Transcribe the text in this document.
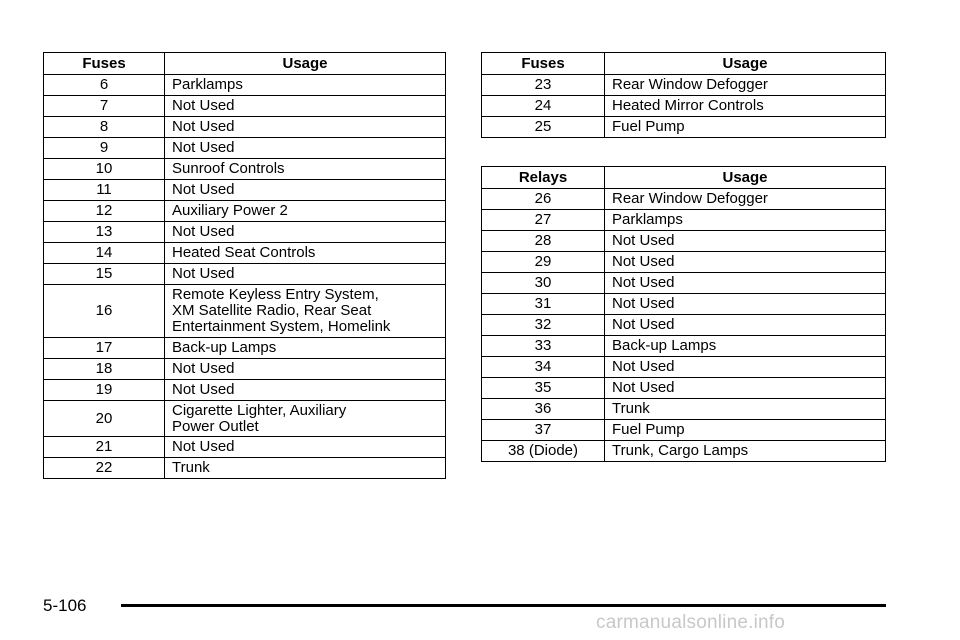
Fuses	Usage
6	Parklamps

7	Not Used

8	Not Used

9	Not Used

10	Sunroof Controls

11	Not Used

12	Auxiliary Power 2

13	Not Used

14	Heated Seat Controls

15	Not Used

16	Remote Keyless Entry System,
XM Satellite Radio, Rear Seat
Entertainment System, Homelink

17	Back-up Lamps

18	Not Used

19	Not Used

20	Cigarette Lighter, Auxiliary
Power Outlet

21	Not Used

22	Trunk
Fuses	Usage
23	Rear Window Defogger

24	Heated Mirror Controls

25	Fuel Pump
Relays	Usage
26	Rear Window Defogger

27	Parklamps

28	Not Used

29	Not Used

30	Not Used

31	Not Used

32	Not Used

33	Back-up Lamps

34	Not Used

35	Not Used

36	Trunk

37	Fuel Pump

38 (Diode)	Trunk, Cargo Lamps
5-106
carmanualsonline.info
